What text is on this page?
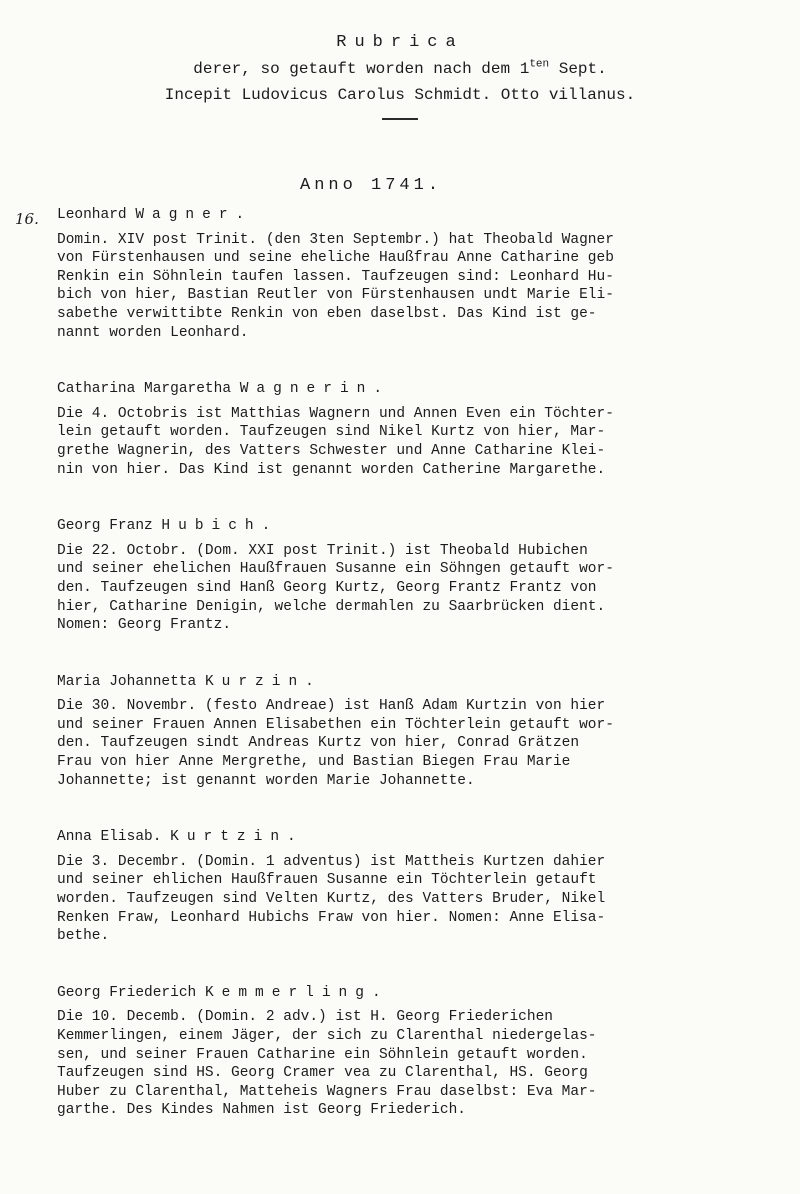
Rubrica
derer, so getauft worden nach dem $1^{ten}$ Sept.
Incepit Ludovicus Carolus Schmidt. Otto villanus.
Anno 1741.
16. Leonhard Wagner.
Domin. XIV post Trinit. (den 3ten Septembr.) hat Theobald Wagner
von Fürstenhausen und seine eheliche Haußfrau Anne Catharine geb
Renkin ein Söhnlein taufen lassen. Taufzeugen sind: Leonhard Hu-
bich von hier, Bastian Reutler von Fürstenhausen undt Marie Eli-
sabethe verwittibte Renkin von eben daselbst. Das Kind ist ge-
nannt worden Leonhard.
Catharina Margaretha Wagnerin.
Die 4. Octobris ist Matthias Wagnern und Annen Even ein Töchter-
lein getauft worden. Taufzeugen sind Nikel Kurtz von hier, Mar-
grethe Wagnerin, des Vatters Schwester und Anne Catharine Klei-
nin von hier. Das Kind ist genannt worden Catherine Margarethe.
Georg Franz Hubich.
Die 22. Octobr. (Dom. XXI post Trinit.) ist Theobald Hubichen
und seiner ehelichen Haußfrauen Susanne ein Söhngen getauft wor-
den. Taufzeugen sind Hanß Georg Kurtz, Georg Frantz Frantz von
hier, Catharine Denigin, welche dermahlen zu Saarbrücken dient.
Nomen: Georg Frantz.
Maria Johannetta Kurzin.
Die 30. Novembr. (festo Andreae) ist Hanß Adam Kurtzin von hier
und seiner Frauen Annen Elisabethen ein Töchterlein getauft wor-
den. Taufzeugen sindt Andreas Kurtz von hier, Conrad Grätzen
Frau von hier Anne Mergrethe, und Bastian Biegen Frau Marie
Johannette; ist genannt worden Marie Johannette.
Anna Elisab. Kurtzin.
Die 3. Decembr. (Domin. 1 adventus) ist Mattheis Kurtzen dahier
und seiner ehlichen Haußfrauen Susanne ein Töchterlein getauft
worden. Taufzeugen sind Velten Kurtz, des Vatters Bruder, Nikel
Renken Fraw, Leonhard Hubichs Fraw von hier. Nomen: Anne Elisa-
bethe.
Georg Friederich Kemmerling.
Die 10. Decemb. (Domin. 2 adv.) ist H. Georg Friederichen
Kemmerlingen, einem Jäger, der sich zu Clarenthal niedergelas-
sen, und seiner Frauen Catharine ein Söhnlein getauft worden.
Taufzeugen sind HS. Georg Cramer vea zu Clarenthal, HS. Georg
Huber zu Clarenthal, Matteheis Wagners Frau daselbst: Eva Mar-
garthe. Des Kindes Nahmen ist Georg Friederich.
